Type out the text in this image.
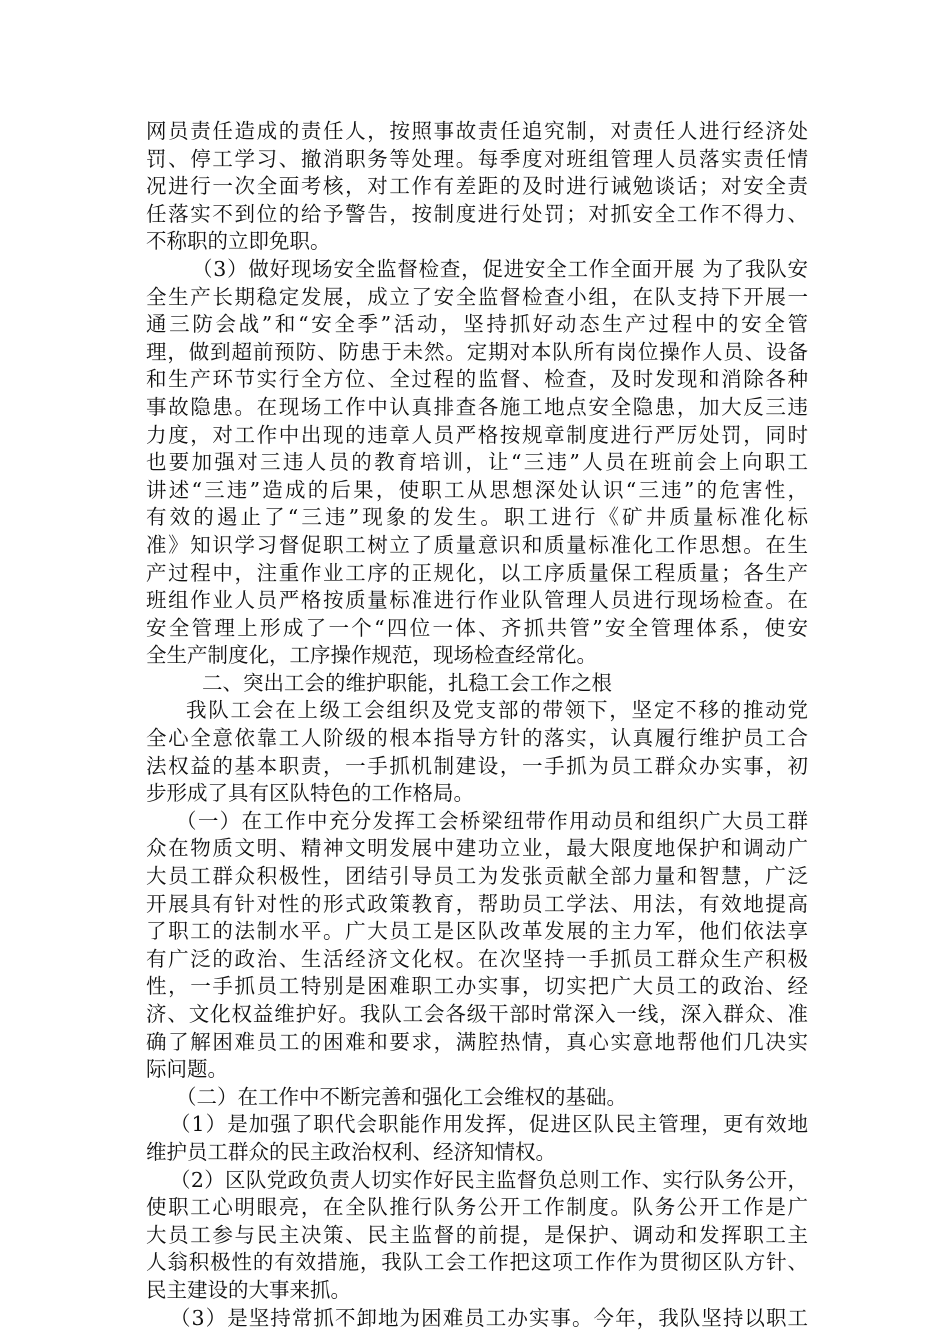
网员责任造成的责任人，按照事故责任追究制，对责任人进行经济处
罚、停工学习、撤消职务等处理。每季度对班组管理人员落实责任情
况进行一次全面考核，对工作有差距的及时进行诫勉谈话；对安全责
任落实不到位的给予警告，按制度进行处罚；对抓安全工作不得力、
不称职的立即免职。
（3）做好现场安全监督检查，促进安全工作全面开展 为了我队安
全生产长期稳定发展，成立了安全监督检查小组，在队支持下开展一
通三防会战”和“安全季”活动，坚持抓好动态生产过程中的安全管
理，做到超前预防、防患于未然。定期对本队所有岗位操作人员、设备
和生产环节实行全方位、全过程的监督、检查，及时发现和消除各种
事故隐患。在现场工作中认真排查各施工地点安全隐患，加大反三违
力度，对工作中出现的违章人员严格按规章制度进行严厉处罚，同时
也要加强对三违人员的教育培训，让“三违”人员在班前会上向职工
讲述“三违”造成的后果，使职工从思想深处认识“三违”的危害性，
有效的遏止了“三违”现象的发生。职工进行《矿井质量标准化标
准》知识学习督促职工树立了质量意识和质量标准化工作思想。在生
产过程中，注重作业工序的正规化，以工序质量保工程质量；各生产
班组作业人员严格按质量标准进行作业队管理人员进行现场检查。在
安全管理上形成了一个“四位一体、齐抓共管”安全管理体系，使安
全生产制度化，工序操作规范，现场检查经常化。
二、突出工会的维护职能，扎稳工会工作之根
我队工会在上级工会组织及党支部的带领下，坚定不移的推动党
全心全意依靠工人阶级的根本指导方针的落实，认真履行维护员工合
法权益的基本职责，一手抓机制建设，一手抓为员工群众办实事，初
步形成了具有区队特色的工作格局。
（一）在工作中充分发挥工会桥梁纽带作用动员和组织广大员工群
众在物质文明、精神文明发展中建功立业，最大限度地保护和调动广
大员工群众积极性，团结引导员工为发张贡献全部力量和智慧，广泛
开展具有针对性的形式政策教育，帮助员工学法、用法，有效地提高
了职工的法制水平。广大员工是区队改革发展的主力军，他们依法享
有广泛的政治、生活经济文化权。在次坚持一手抓员工群众生产积极
性，一手抓员工特别是困难职工办实事，切实把广大员工的政治、经
济、文化权益维护好。我队工会各级干部时常深入一线，深入群众、准
确了解困难员工的困难和要求，满腔热情，真心实意地帮他们几决实
际问题。
（二）在工作中不断完善和强化工会维权的基础。
（1）是加强了职代会职能作用发挥，促进区队民主管理，更有效地
维护员工群众的民主政治权利、经济知情权。
（2）区队党政负责人切实作好民主监督负总则工作、实行队务公开，
使职工心明眼亮，在全队推行队务公开工作制度。队务公开工作是广
大员工参与民主决策、民主监督的前提，是保护、调动和发挥职工主
人翁积极性的有效措施，我队工会工作把这项工作作为贯彻区队方针、
民主建设的大事来抓。
（3）是坚持常抓不卸地为困难员工办实事。今年，我队坚持以职工
